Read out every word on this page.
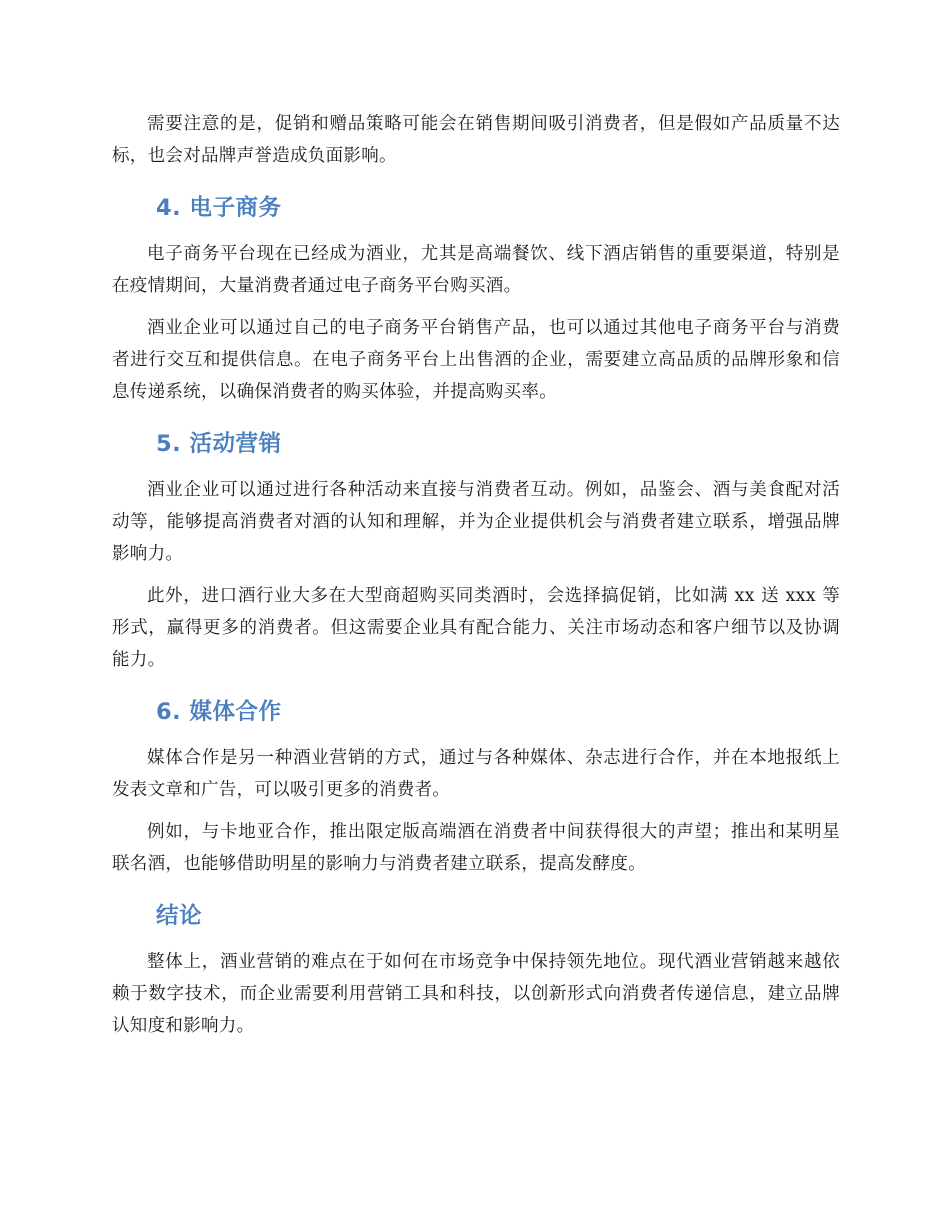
需要注意的是，促销和赠品策略可能会在销售期间吸引消费者，但是假如产品质量不达标，也会对品牌声誉造成负面影响。

4. 电子商务

电子商务平台现在已经成为酒业，尤其是高端餐饮、线下酒店销售的重要渠道，特别是在疫情期间，大量消费者通过电子商务平台购买酒。

酒业企业可以通过自己的电子商务平台销售产品，也可以通过其他电子商务平台与消费者进行交互和提供信息。在电子商务平台上出售酒的企业，需要建立高品质的品牌形象和信息传递系统，以确保消费者的购买体验，并提高购买率。

5. 活动营销

酒业企业可以通过进行各种活动来直接与消费者互动。例如，品鉴会、酒与美食配对活动等，能够提高消费者对酒的认知和理解，并为企业提供机会与消费者建立联系，增强品牌影响力。

此外，进口酒行业大多在大型商超购买同类酒时，会选择搞促销，比如满 xx 送 xxx 等形式，赢得更多的消费者。但这需要企业具有配合能力、关注市场动态和客户细节以及协调能力。

6. 媒体合作

媒体合作是另一种酒业营销的方式，通过与各种媒体、杂志进行合作，并在本地报纸上发表文章和广告，可以吸引更多的消费者。

例如，与卡地亚合作，推出限定版高端酒在消费者中间获得很大的声望；推出和某明星联名酒，也能够借助明星的影响力与消费者建立联系，提高发酵度。

结论

整体上，酒业营销的难点在于如何在市场竞争中保持领先地位。现代酒业营销越来越依赖于数字技术，而企业需要利用营销工具和科技，以创新形式向消费者传递信息，建立品牌认知度和影响力。
